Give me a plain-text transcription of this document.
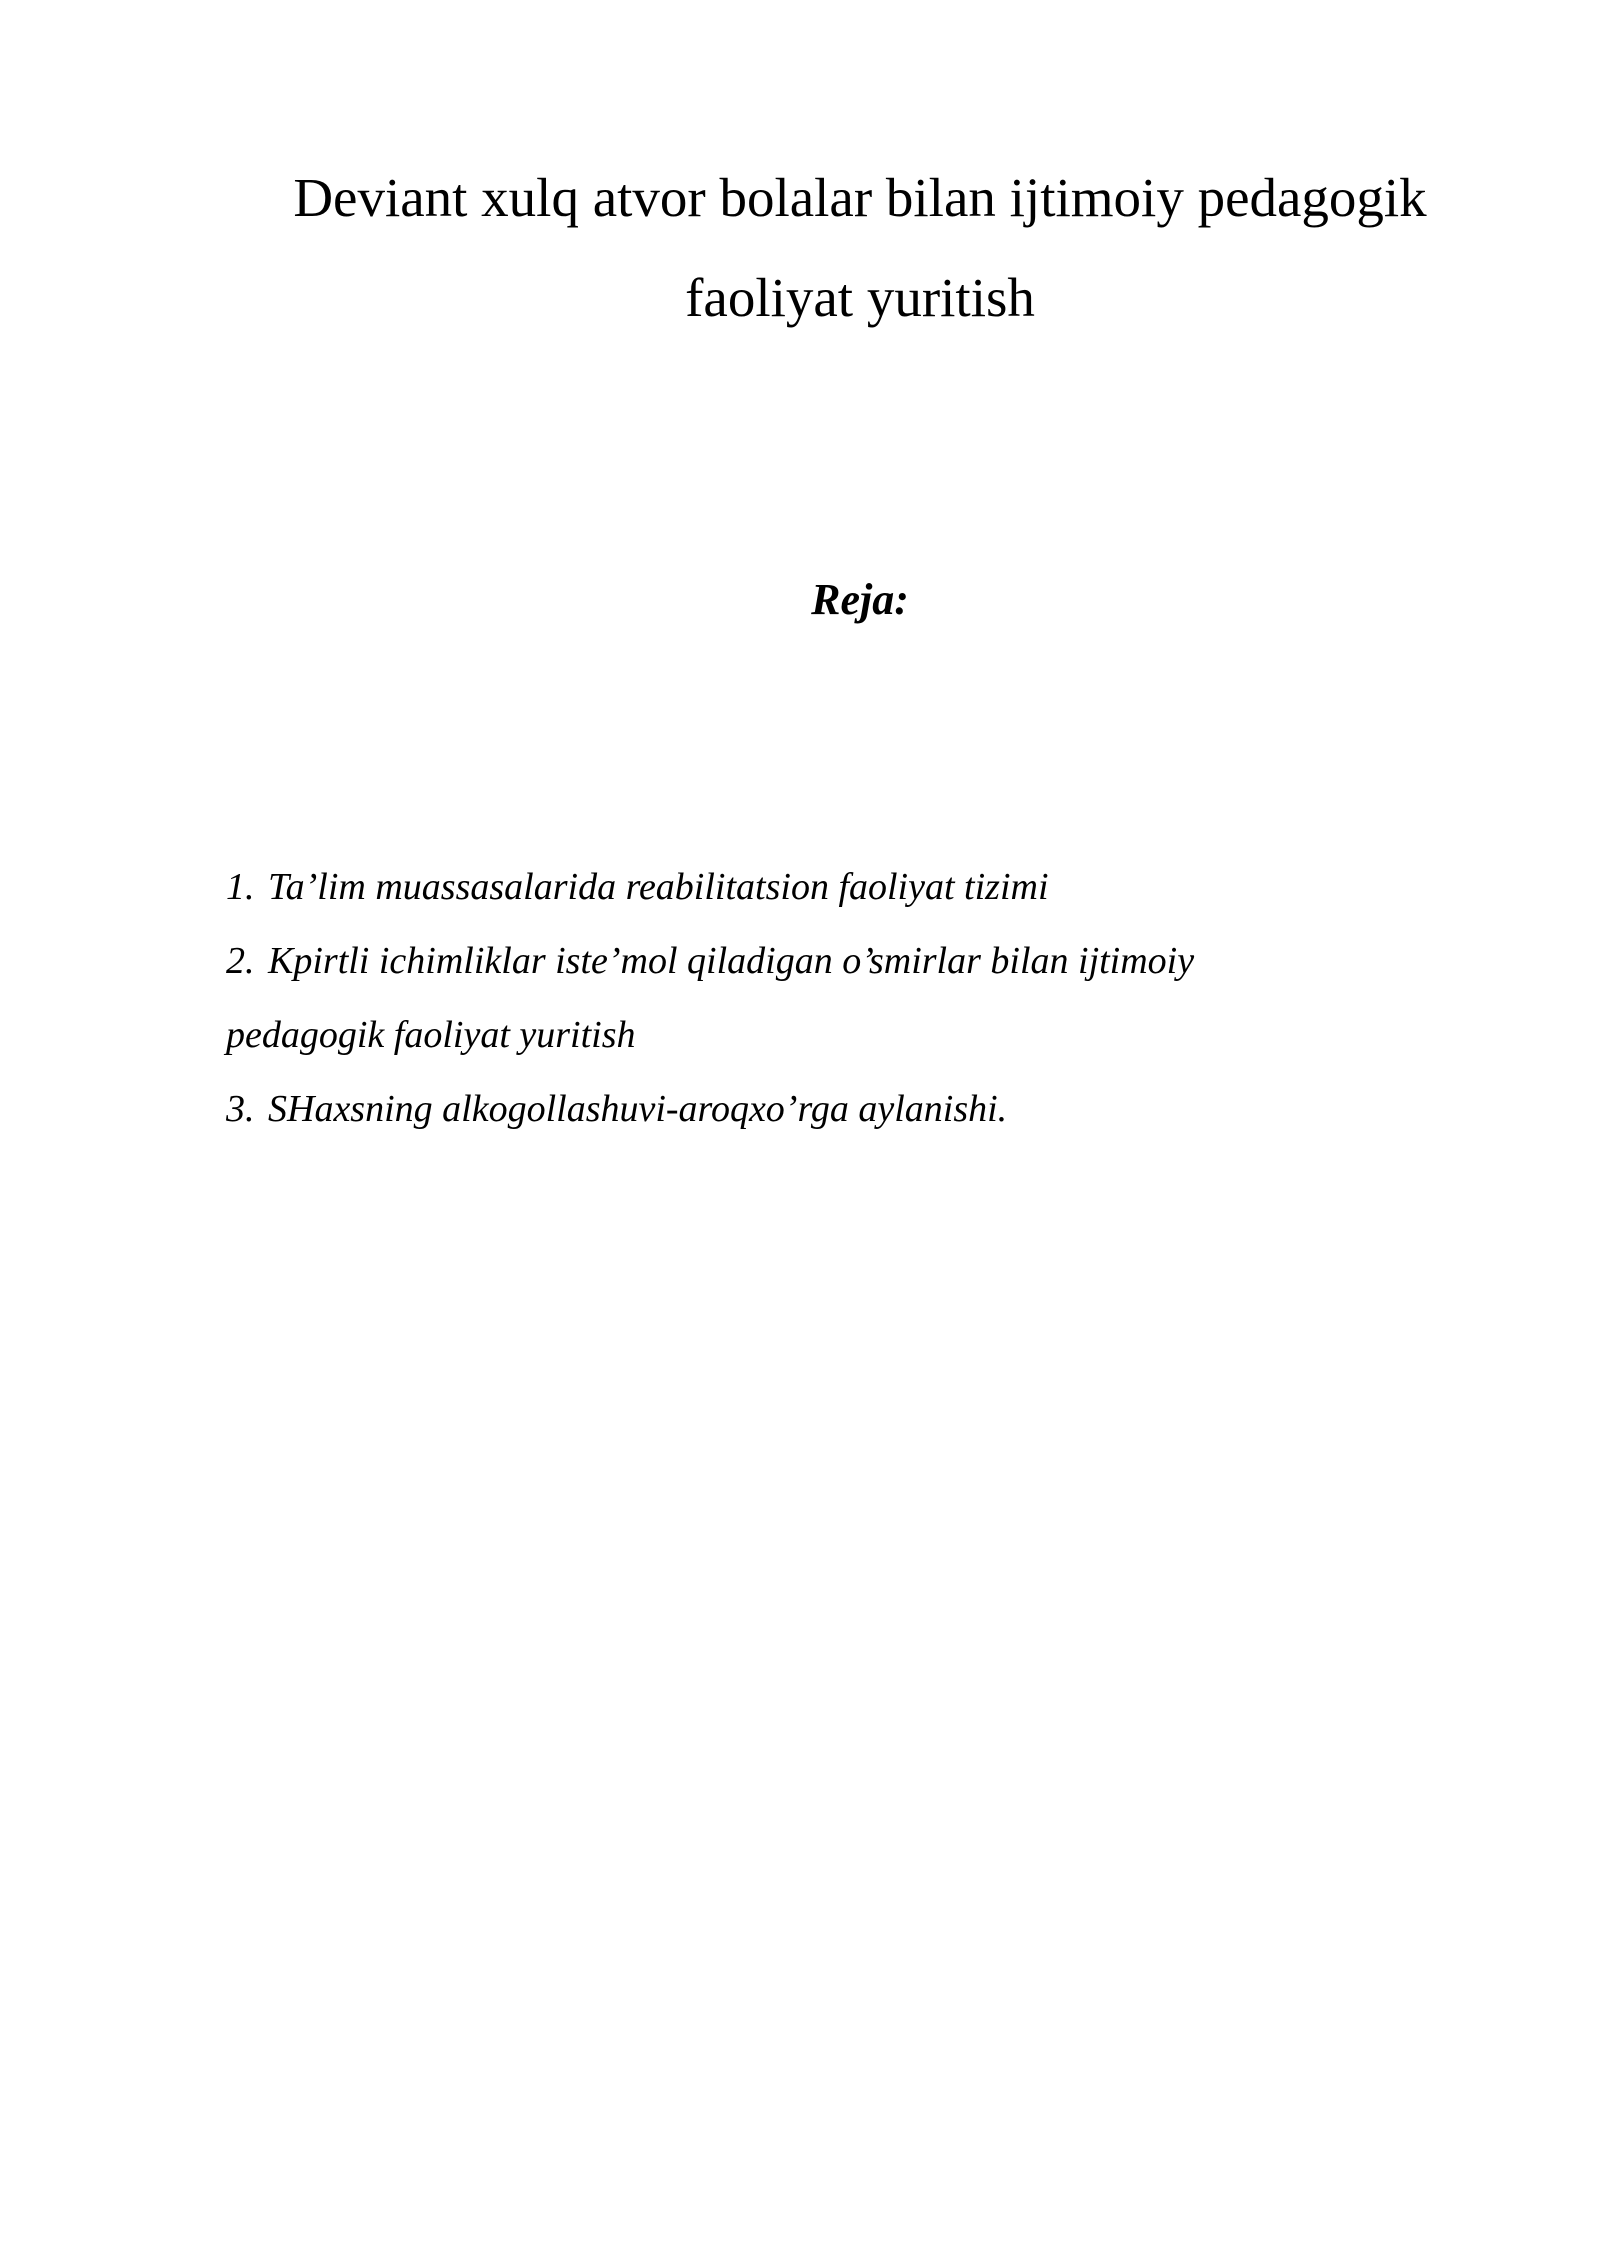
Deviant xulq atvor bolalar bilan ijtimoiy pedagogik
faoliyat yuritish
Reja:
1. Ta’lim muassasalarida reabilitatsion faoliyat tizimi
2. Kpirtli ichimliklar iste’mol qiladigan o’smirlar bilan ijtimoiy
pedagogik faoliyat yuritish
3. SHaxsning alkogollashuvi-aroqxo’rga aylanishi.
